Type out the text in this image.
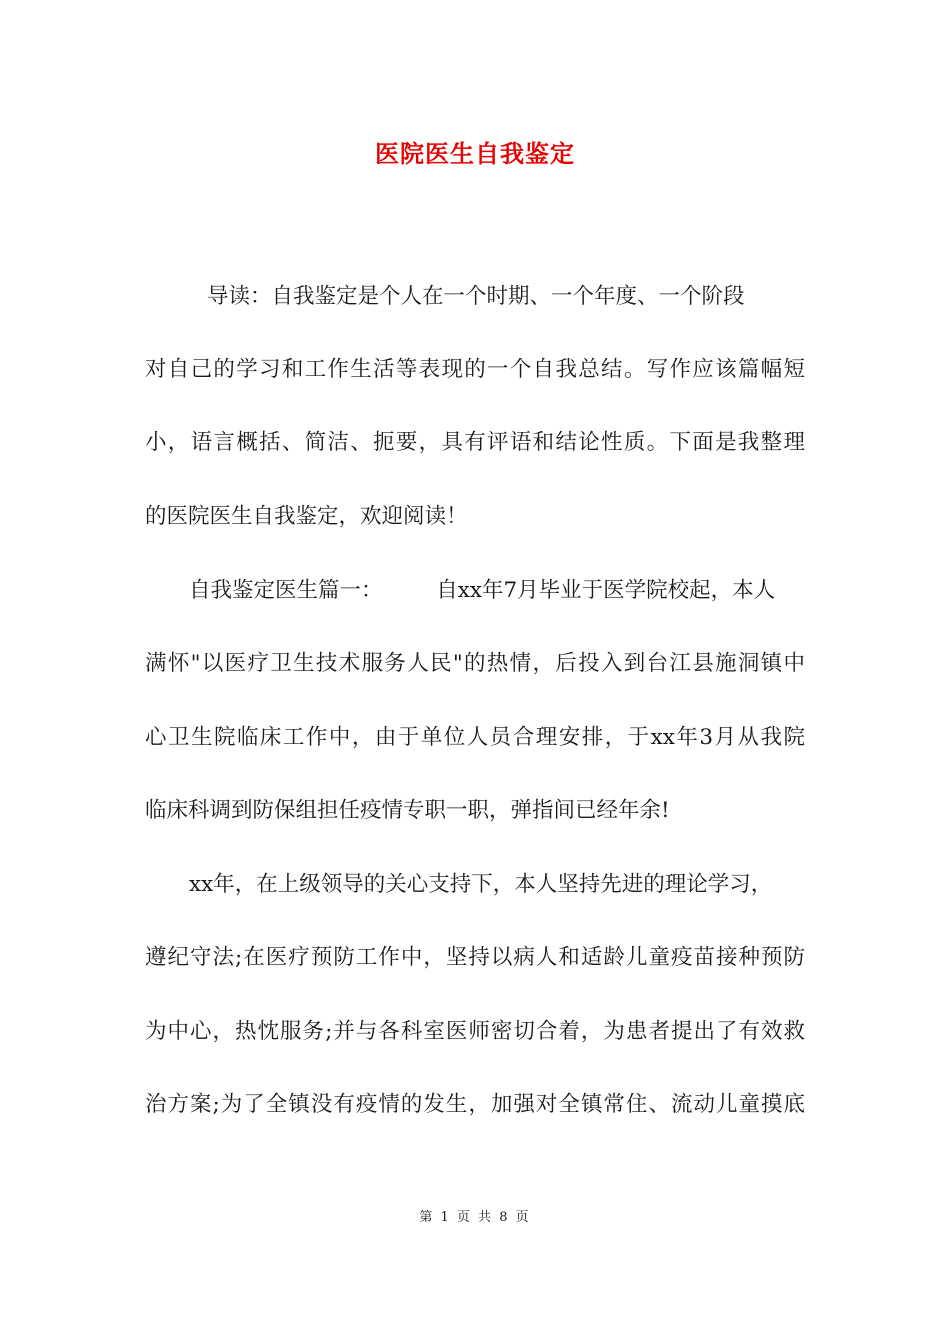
医院医生自我鉴定
导读：自我鉴定是个人在一个时期、一个年度、一个阶段
对自己的学习和工作生活等表现的一个自我总结。写作应该篇幅短
小，语言概括、简洁、扼要，具有评语和结论性质。下面是我整理
的医院医生自我鉴定，欢迎阅读！
自我鉴定医生篇一：　　　自xx年7月毕业于医学院校起，本人
满怀"以医疗卫生技术服务人民"的热情，后投入到台江县施洞镇中
心卫生院临床工作中，由于单位人员合理安排，于xx年3月从我院
临床科调到防保组担任疫情专职一职，弹指间已经年余!
xx年，在上级领导的关心支持下，本人坚持先进的理论学习，
遵纪守法;在医疗预防工作中，坚持以病人和适龄儿童疫苗接种预防
为中心，热忱服务;并与各科室医师密切合着，为患者提出了有效救
治方案;为了全镇没有疫情的发生，加强对全镇常住、流动儿童摸底
第 1 页 共 8 页
